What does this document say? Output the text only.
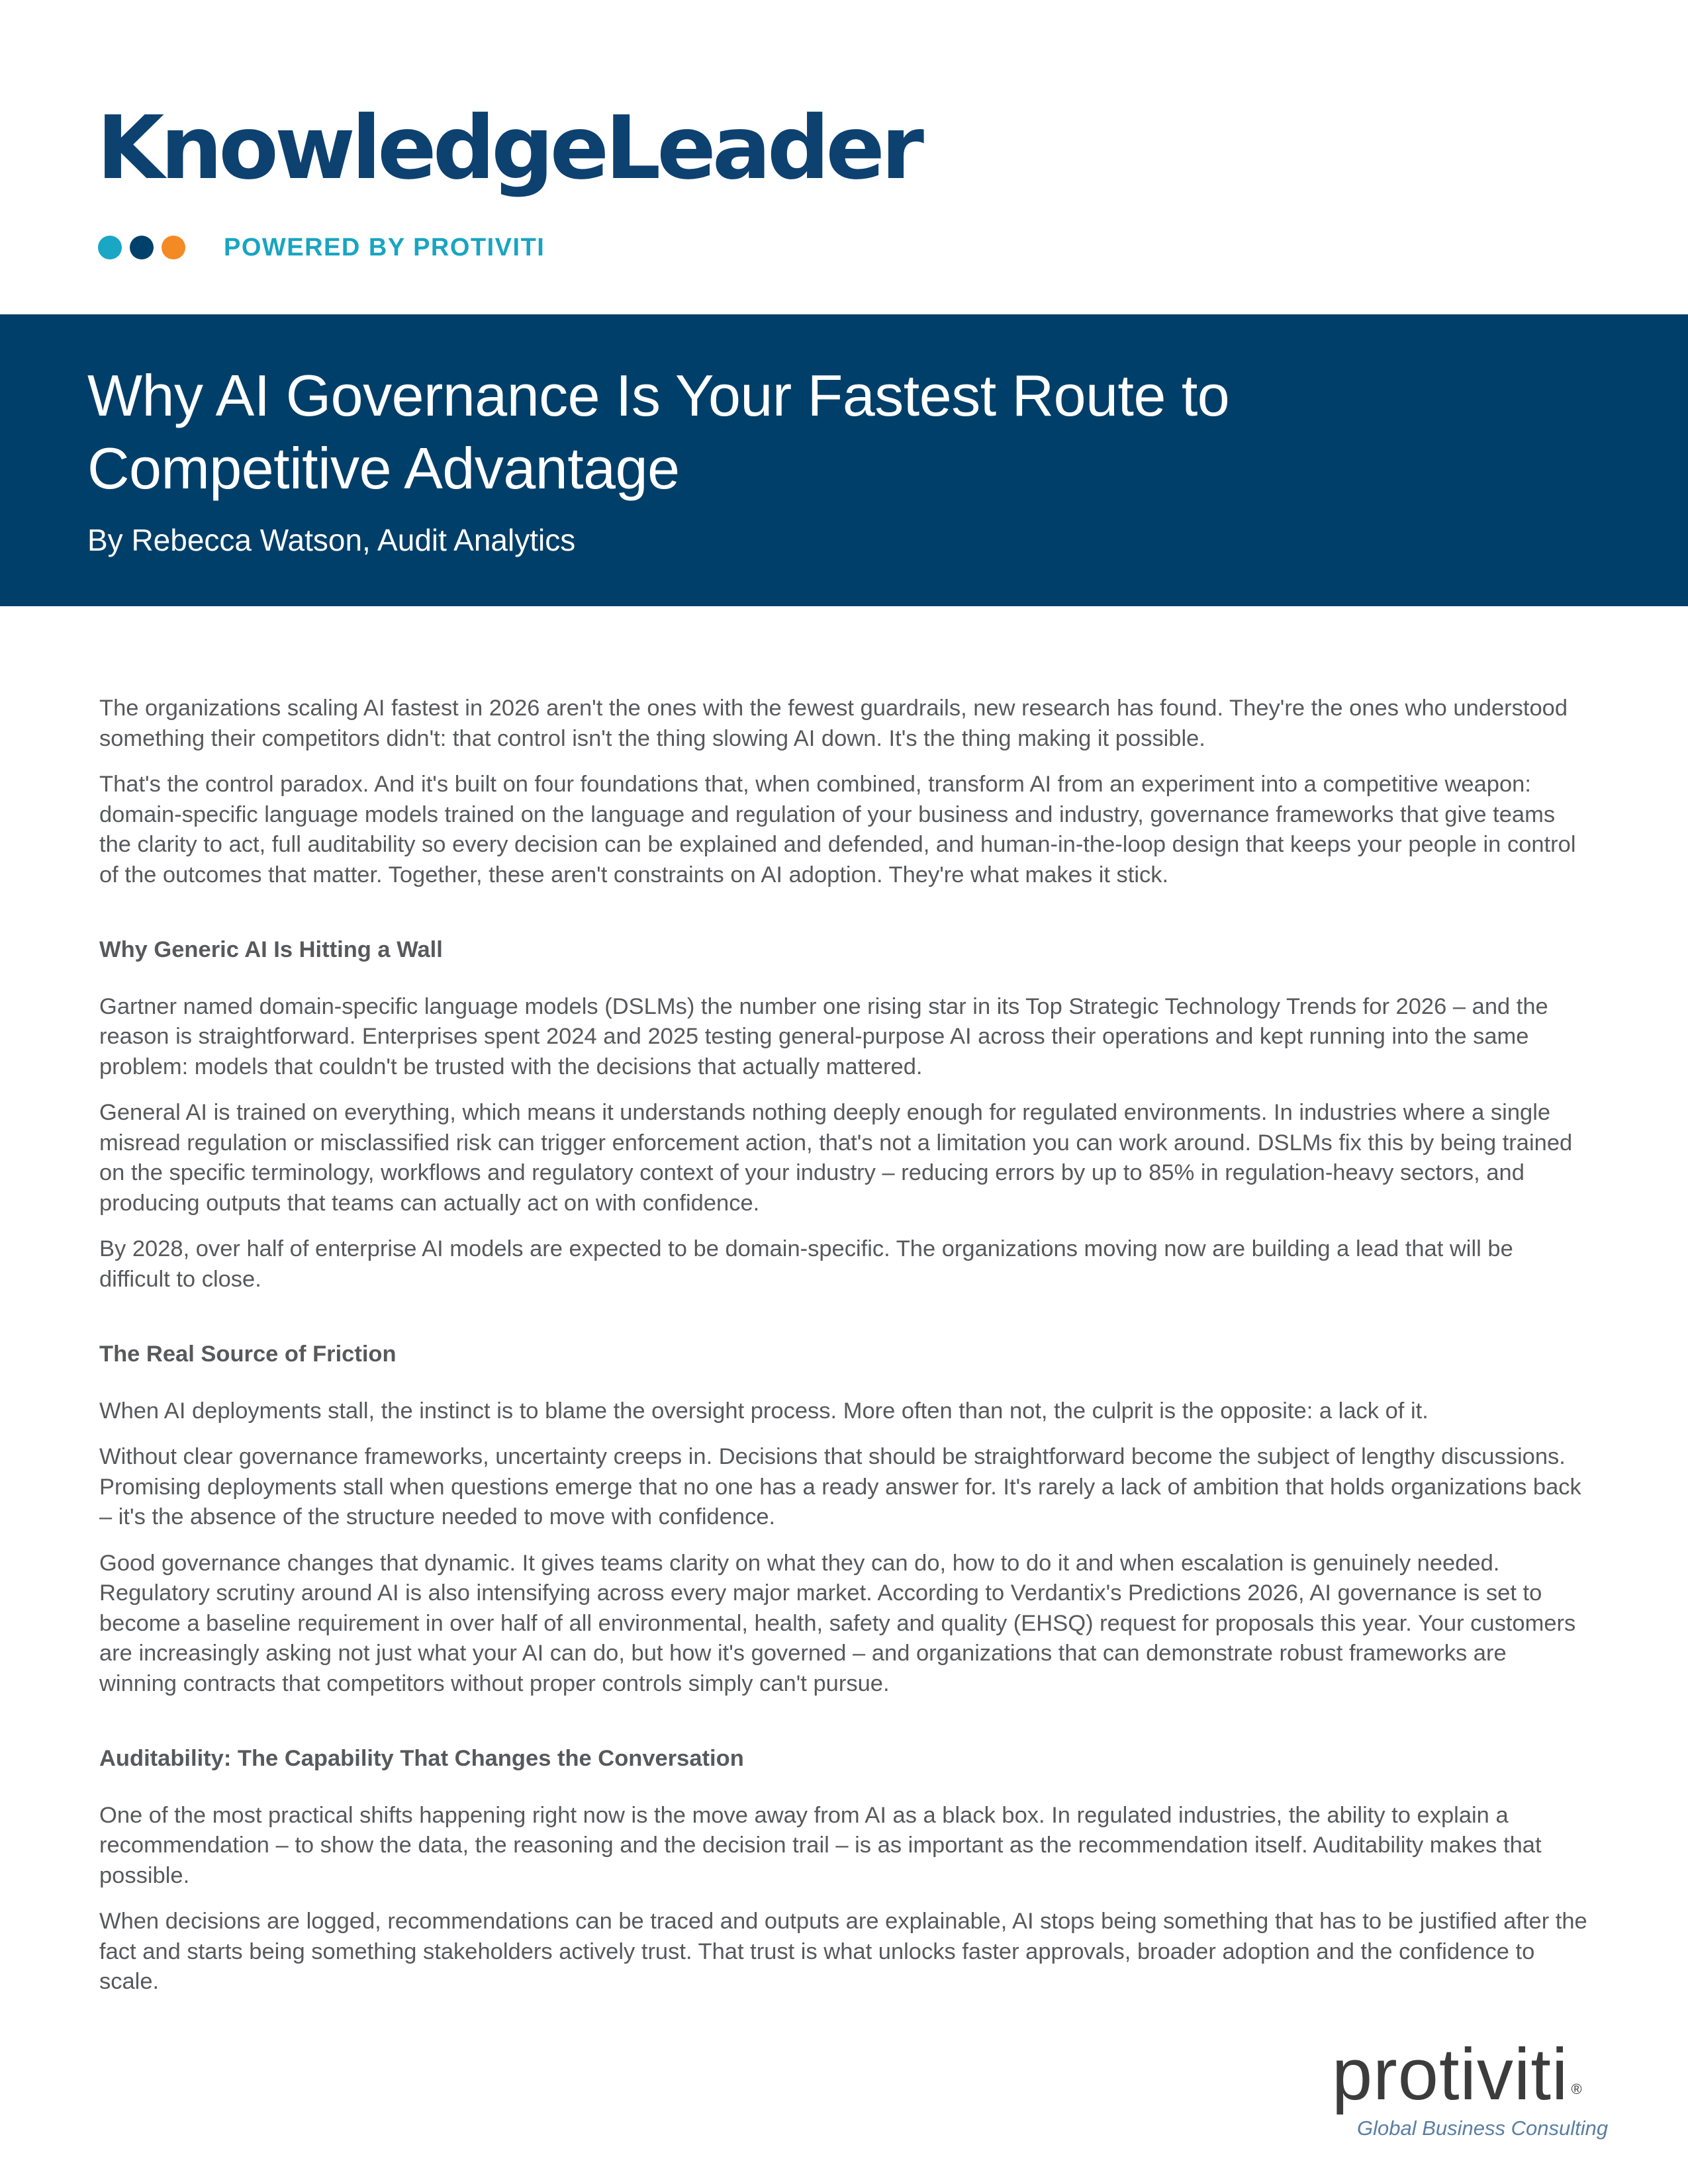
KnowledgeLeader
POWERED BY PROTIVITI
Why AI Governance Is Your Fastest Route to Competitive Advantage

By Rebecca Watson, Audit Analytics

The organizations scaling AI fastest in 2026 aren't the ones with the fewest guardrails, new research has found. They're the ones who understood something their competitors didn't: that control isn't the thing slowing AI down. It's the thing making it possible.

That's the control paradox. And it's built on four foundations that, when combined, transform AI from an experiment into a competitive weapon: domain-specific language models trained on the language and regulation of your business and industry, governance frameworks that give teams the clarity to act, full auditability so every decision can be explained and defended, and human-in-the-loop design that keeps your people in control of the outcomes that matter. Together, these aren't constraints on AI adoption. They're what makes it stick.

Why Generic AI Is Hitting a Wall

Gartner named domain-specific language models (DSLMs) the number one rising star in its Top Strategic Technology Trends for 2026 – and the reason is straightforward. Enterprises spent 2024 and 2025 testing general-purpose AI across their operations and kept running into the same problem: models that couldn't be trusted with the decisions that actually mattered.

General AI is trained on everything, which means it understands nothing deeply enough for regulated environments. In industries where a single misread regulation or misclassified risk can trigger enforcement action, that's not a limitation you can work around. DSLMs fix this by being trained on the specific terminology, workflows and regulatory context of your industry – reducing errors by up to 85% in regulation-heavy sectors, and producing outputs that teams can actually act on with confidence.

By 2028, over half of enterprise AI models are expected to be domain-specific. The organizations moving now are building a lead that will be difficult to close.

The Real Source of Friction

When AI deployments stall, the instinct is to blame the oversight process. More often than not, the culprit is the opposite: a lack of it.

Without clear governance frameworks, uncertainty creeps in. Decisions that should be straightforward become the subject of lengthy discussions. Promising deployments stall when questions emerge that no one has a ready answer for. It's rarely a lack of ambition that holds organizations back – it's the absence of the structure needed to move with confidence.

Good governance changes that dynamic. It gives teams clarity on what they can do, how to do it and when escalation is genuinely needed. Regulatory scrutiny around AI is also intensifying across every major market. According to Verdantix's Predictions 2026, AI governance is set to become a baseline requirement in over half of all environmental, health, safety and quality (EHSQ) request for proposals this year. Your customers are increasingly asking not just what your AI can do, but how it's governed – and organizations that can demonstrate robust frameworks are winning contracts that competitors without proper controls simply can't pursue.

Auditability: The Capability That Changes the Conversation

One of the most practical shifts happening right now is the move away from AI as a black box. In regulated industries, the ability to explain a recommendation – to show the data, the reasoning and the decision trail – is as important as the recommendation itself. Auditability makes that possible.

When decisions are logged, recommendations can be traced and outputs are explainable, AI stops being something that has to be justified after the fact and starts being something stakeholders actively trust. That trust is what unlocks faster approvals, broader adoption and the confidence to scale.

protiviti ®
Global Business Consulting
